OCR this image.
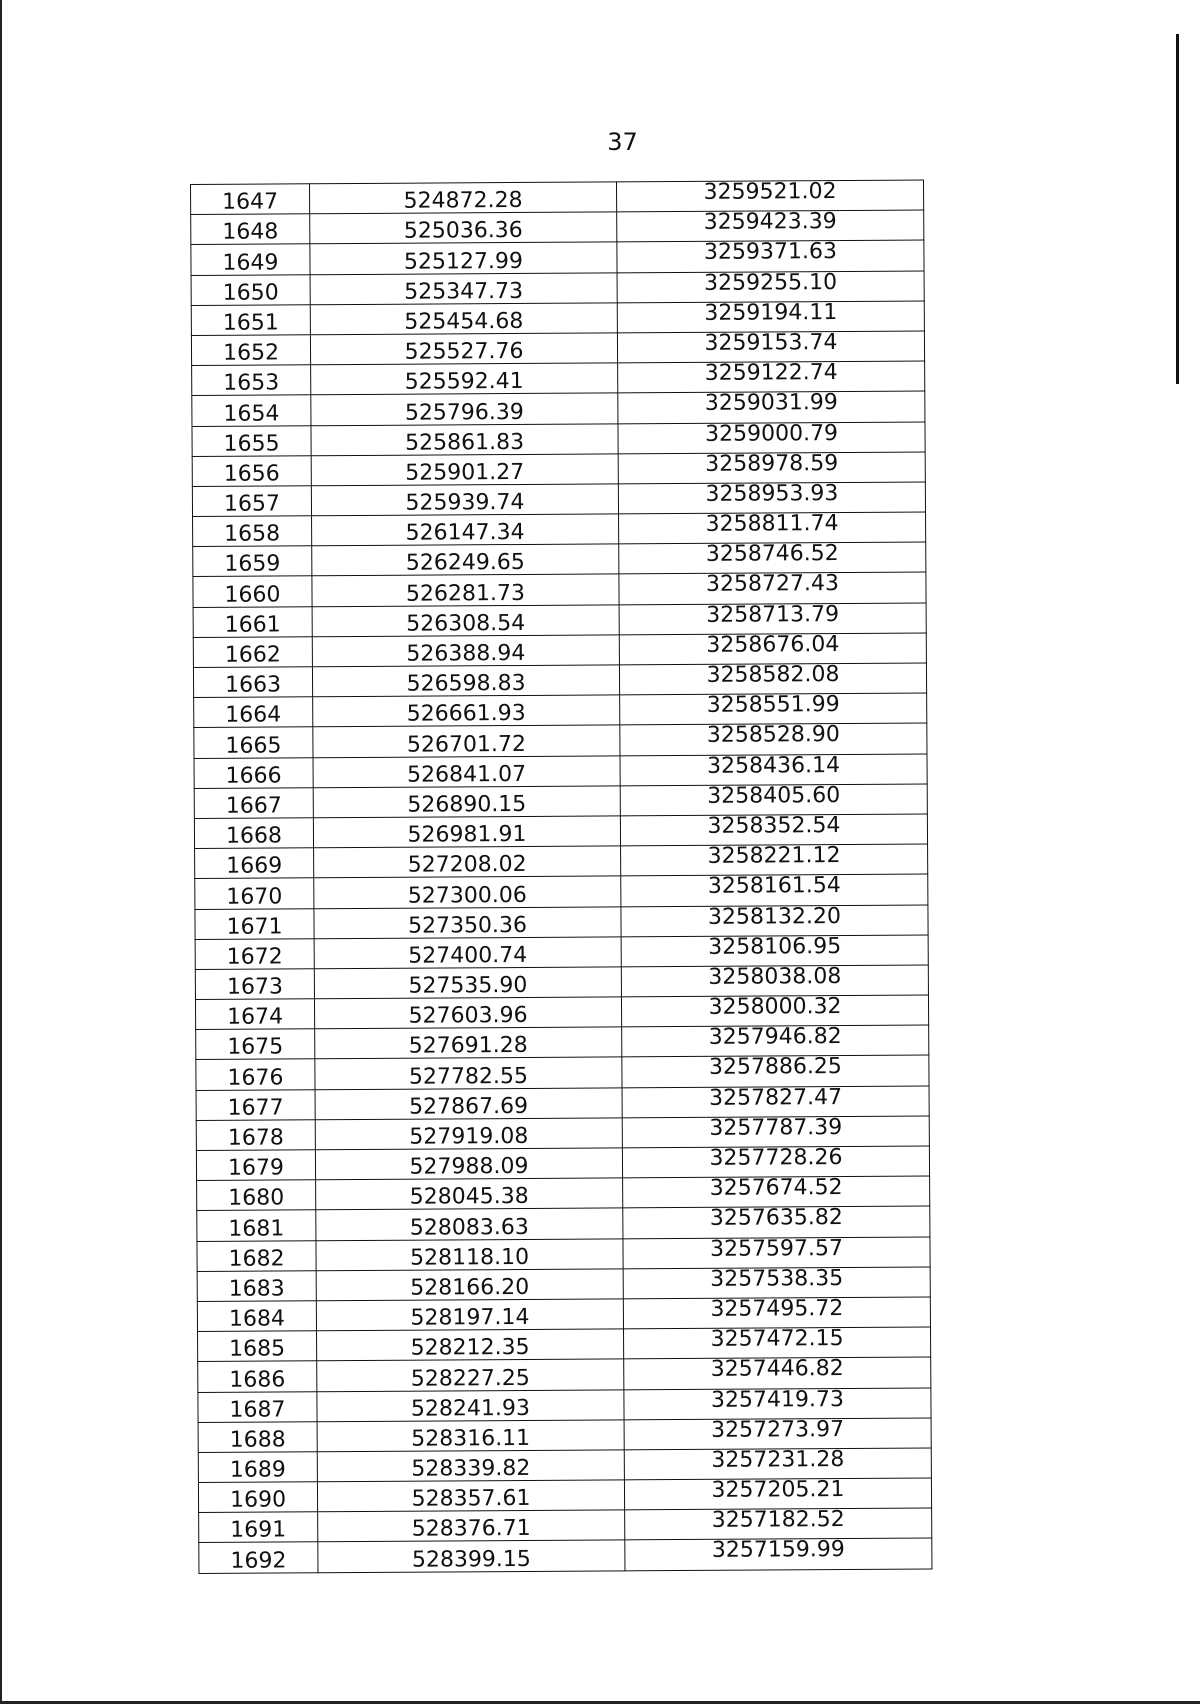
37
1647	524872.28	3259521.02
1648	525036.36	3259423.39
1649	525127.99	3259371.63
1650	525347.73	3259255.10
1651	525454.68	3259194.11
1652	525527.76	3259153.74
1653	525592.41	3259122.74
1654	525796.39	3259031.99
1655	525861.83	3259000.79
1656	525901.27	3258978.59
1657	525939.74	3258953.93
1658	526147.34	3258811.74
1659	526249.65	3258746.52
1660	526281.73	3258727.43
1661	526308.54	3258713.79
1662	526388.94	3258676.04
1663	526598.83	3258582.08
1664	526661.93	3258551.99
1665	526701.72	3258528.90
1666	526841.07	3258436.14
1667	526890.15	3258405.60
1668	526981.91	3258352.54
1669	527208.02	3258221.12
1670	527300.06	3258161.54
1671	527350.36	3258132.20
1672	527400.74	3258106.95
1673	527535.90	3258038.08
1674	527603.96	3258000.32
1675	527691.28	3257946.82
1676	527782.55	3257886.25
1677	527867.69	3257827.47
1678	527919.08	3257787.39
1679	527988.09	3257728.26
1680	528045.38	3257674.52
1681	528083.63	3257635.82
1682	528118.10	3257597.57
1683	528166.20	3257538.35
1684	528197.14	3257495.72
1685	528212.35	3257472.15
1686	528227.25	3257446.82
1687	528241.93	3257419.73
1688	528316.11	3257273.97
1689	528339.82	3257231.28
1690	528357.61	3257205.21
1691	528376.71	3257182.52
1692	528399.15	3257159.99
